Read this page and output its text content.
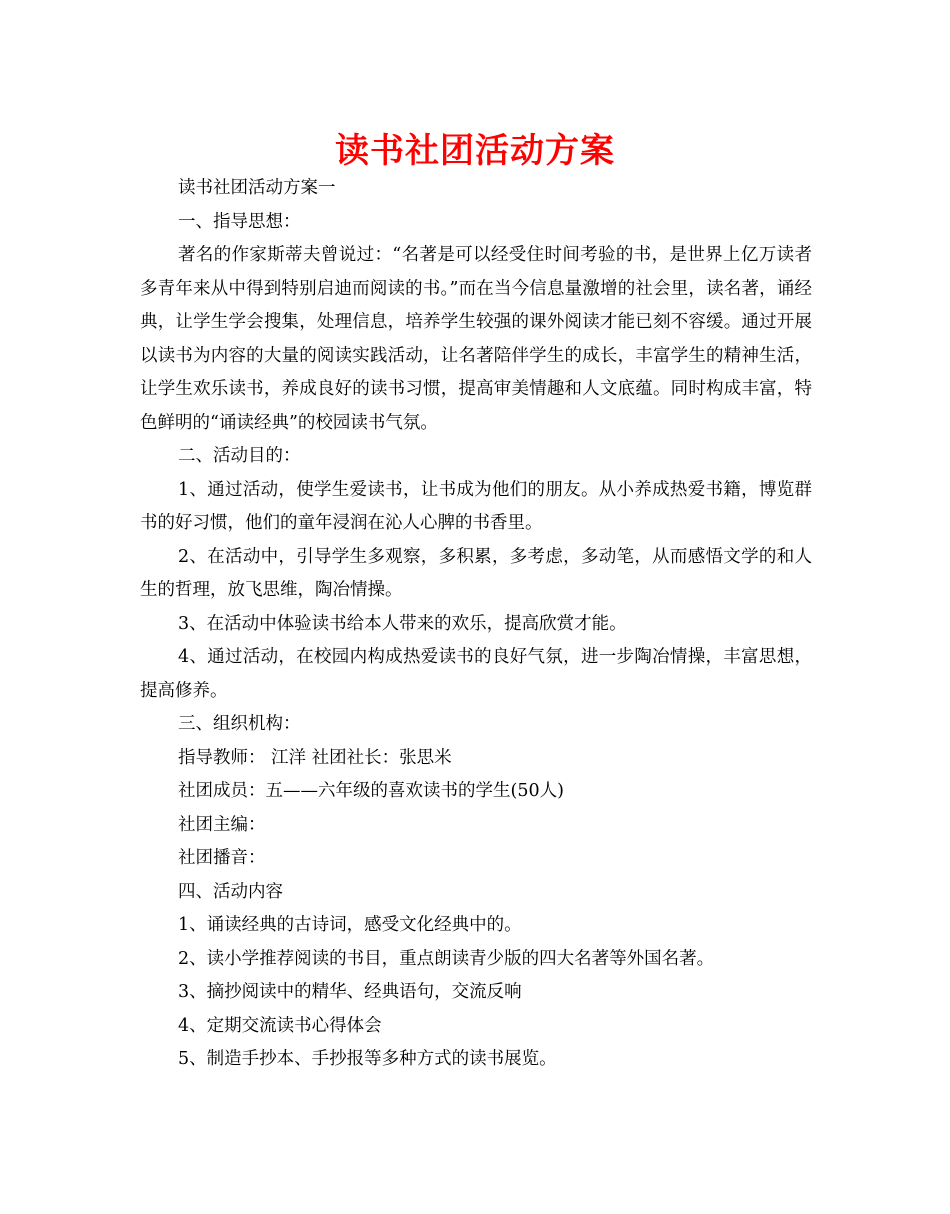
读书社团活动方案

读书社团活动方案一

一、指导思想：

著名的作家斯蒂夫曾说过：“名著是可以经受住时间考验的书，是世界上亿万读者多青年来从中得到特别启迪而阅读的书。”而在当今信息量激增的社会里，读名著，诵经典，让学生学会搜集，处理信息，培养学生较强的课外阅读才能已刻不容缓。通过开展以读书为内容的大量的阅读实践活动，让名著陪伴学生的成长，丰富学生的精神生活，让学生欢乐读书，养成良好的读书习惯，提高审美情趣和人文底蕴。同时构成丰富，特色鲜明的“诵读经典”的校园读书气氛。

二、活动目的：

1、通过活动，使学生爱读书，让书成为他们的朋友。从小养成热爱书籍，博览群书的好习惯，他们的童年浸润在沁人心脾的书香里。

2、在活动中，引导学生多观察，多积累，多考虑，多动笔，从而感悟文学的和人生的哲理，放飞思维，陶冶情操。

3、在活动中体验读书给本人带来的欢乐，提高欣赏才能。

4、通过活动，在校园内构成热爱读书的良好气氛，进一步陶冶情操，丰富思想，提高修养。

三、组织机构：

指导教师： 江洋 社团社长：张思米

社团成员：五——六年级的喜欢读书的学生(50人)

社团主编：

社团播音：

四、活动内容

1、诵读经典的古诗词，感受文化经典中的。

2、读小学推荐阅读的书目，重点朗读青少版的四大名著等外国名著。

3、摘抄阅读中的精华、经典语句，交流反响

4、定期交流读书心得体会

5、制造手抄本、手抄报等多种方式的读书展览。
